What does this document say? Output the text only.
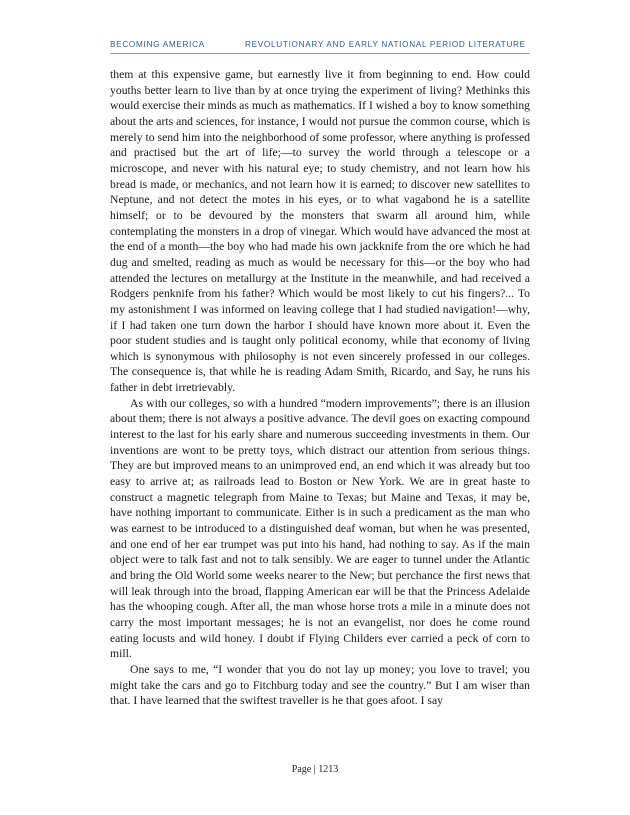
BECOMING AMERICA	REVOLUTIONARY AND EARLY NATIONAL PERIOD LITERATURE

them at this expensive game, but earnestly live it from beginning to end. How could youths better learn to live than by at once trying the experiment of living? Methinks this would exercise their minds as much as mathematics. If I wished a boy to know something about the arts and sciences, for instance, I would not pursue the common course, which is merely to send him into the neighborhood of some professor, where anything is professed and practised but the art of life;—to survey the world through a telescope or a microscope, and never with his natural eye; to study chemistry, and not learn how his bread is made, or mechanics, and not learn how it is earned; to discover new satellites to Neptune, and not detect the motes in his eyes, or to what vagabond he is a satellite himself; or to be devoured by the monsters that swarm all around him, while contemplating the monsters in a drop of vinegar. Which would have advanced the most at the end of a month—the boy who had made his own jackknife from the ore which he had dug and smelted, reading as much as would be necessary for this—or the boy who had attended the lectures on metallurgy at the Institute in the meanwhile, and had received a Rodgers penknife from his father? Which would be most likely to cut his fingers?... To my astonishment I was informed on leaving college that I had studied navigation!—why, if I had taken one turn down the harbor I should have known more about it. Even the poor student studies and is taught only political economy, while that economy of living which is synonymous with philosophy is not even sincerely professed in our colleges. The consequence is, that while he is reading Adam Smith, Ricardo, and Say, he runs his father in debt irretrievably.

As with our colleges, so with a hundred “modern improvements”; there is an illusion about them; there is not always a positive advance. The devil goes on exacting compound interest to the last for his early share and numerous succeeding investments in them. Our inventions are wont to be pretty toys, which distract our attention from serious things. They are but improved means to an unimproved end, an end which it was already but too easy to arrive at; as railroads lead to Boston or New York. We are in great haste to construct a magnetic telegraph from Maine to Texas; but Maine and Texas, it may be, have nothing important to communicate. Either is in such a predicament as the man who was earnest to be introduced to a distinguished deaf woman, but when he was presented, and one end of her ear trumpet was put into his hand, had nothing to say. As if the main object were to talk fast and not to talk sensibly. We are eager to tunnel under the Atlantic and bring the Old World some weeks nearer to the New; but perchance the first news that will leak through into the broad, flapping American ear will be that the Princess Adelaide has the whooping cough. After all, the man whose horse trots a mile in a minute does not carry the most important messages; he is not an evangelist, nor does he come round eating locusts and wild honey. I doubt if Flying Childers ever carried a peck of corn to mill.

One says to me, “I wonder that you do not lay up money; you love to travel; you might take the cars and go to Fitchburg today and see the country.” But I am wiser than that. I have learned that the swiftest traveller is he that goes afoot. I say

Page | 1213
